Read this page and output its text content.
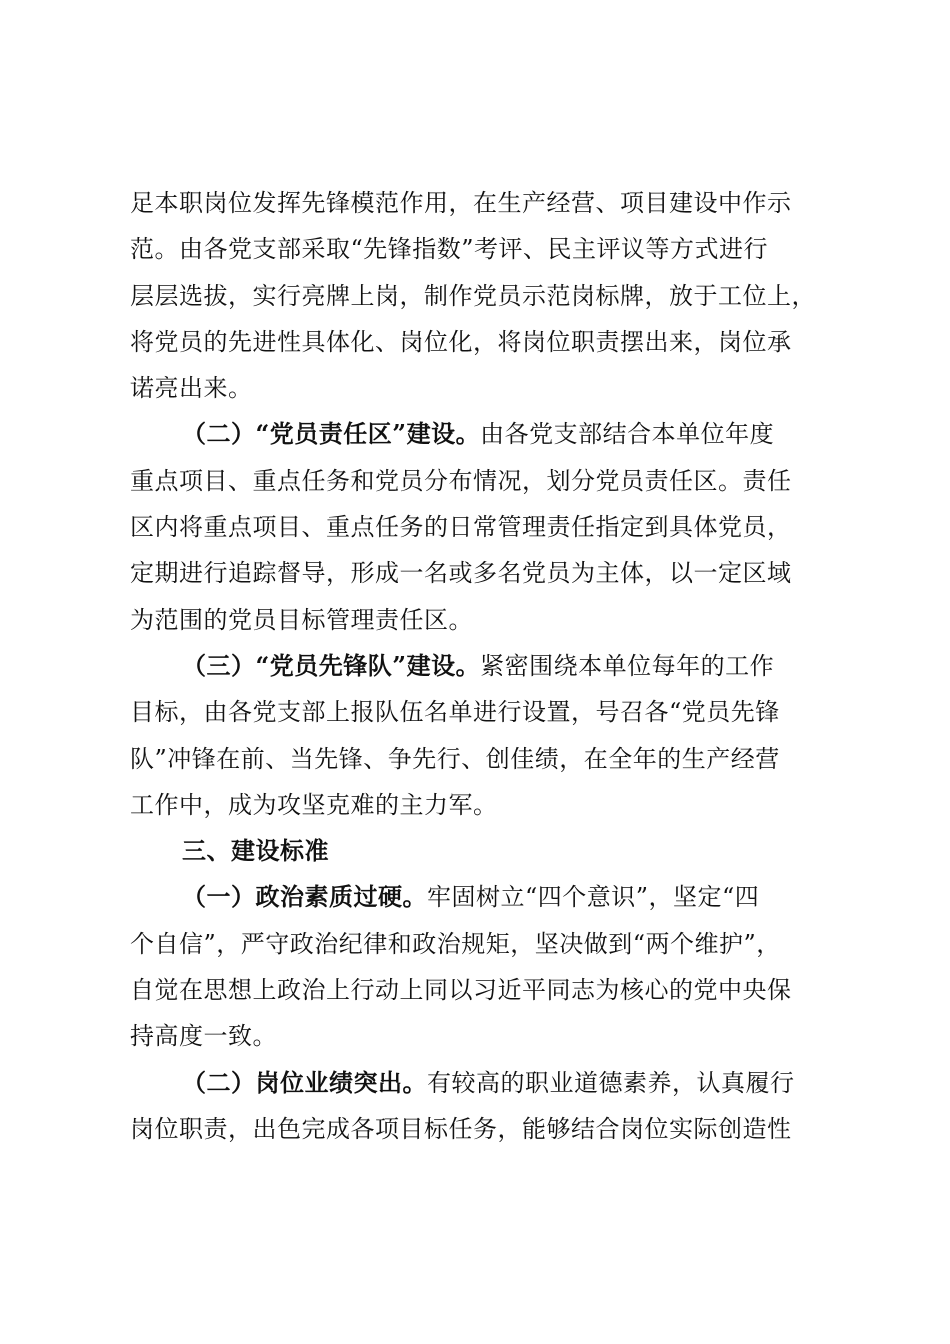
足本职岗位发挥先锋模范作用，在生产经营、项目建设中作示
范。由各党支部采取“先锋指数”考评、民主评议等方式进行
层层选拔，实行亮牌上岗，制作党员示范岗标牌，放于工位上，
将党员的先进性具体化、岗位化，将岗位职责摆出来，岗位承
诺亮出来。
（二）“党员责任区”建设。由各党支部结合本单位年度
重点项目、重点任务和党员分布情况，划分党员责任区。责任
区内将重点项目、重点任务的日常管理责任指定到具体党员，
定期进行追踪督导，形成一名或多名党员为主体，以一定区域
为范围的党员目标管理责任区。
（三）“党员先锋队”建设。紧密围绕本单位每年的工作
目标，由各党支部上报队伍名单进行设置，号召各“党员先锋
队”冲锋在前、当先锋、争先行、创佳绩，在全年的生产经营
工作中，成为攻坚克难的主力军。
三、建设标准
（一）政治素质过硬。牢固树立“四个意识”，坚定“四
个自信”，严守政治纪律和政治规矩，坚决做到“两个维护”，
自觉在思想上政治上行动上同以习近平同志为核心的党中央保
持高度一致。
（二）岗位业绩突出。有较高的职业道德素养，认真履行
岗位职责，出色完成各项目标任务，能够结合岗位实际创造性
